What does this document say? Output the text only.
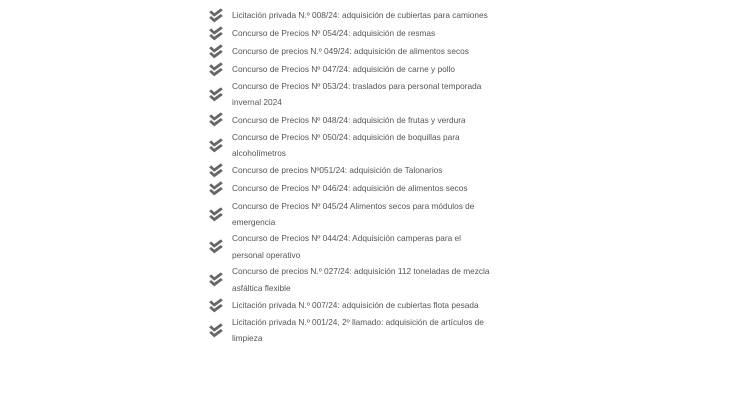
Licitación privada N.º 008/24: adquisición de cubiertas para camiones
Concurso de Precios Nº 054/24: adquisición de resmas
Concurso de precios N.º 049/24: adquisición de alimentos secos
Concurso de Precios Nº 047/24: adquisición de carne y pollo
Concurso de Precios Nº 053/24: traslados para personal temporada invernal 2024
Concurso de Precios Nº 048/24: adquisición de frutas y verdura
Concurso de Precios Nº 050/24: adquisición de boquillas para alcoholímetros
Concurso de precios Nº051/24: adquisición de Talonarios
Concurso de Precios Nº 046/24: adquisición de alimentos secos
Concurso de Precios Nº 045/24 Alimentos secos para módulos de emergencia
Concurso de Precios Nº 044/24: Adquisición camperas para el personal operativo
Concurso de precios N.º 027/24: adquisición 112 toneladas de mezcla asfáltica flexible
Licitación privada N.º 007/24: adquisición de cubiertas flota pesada
Licitación privada N.º 001/24, 2º llamado: adquisición de artículos de limpieza
